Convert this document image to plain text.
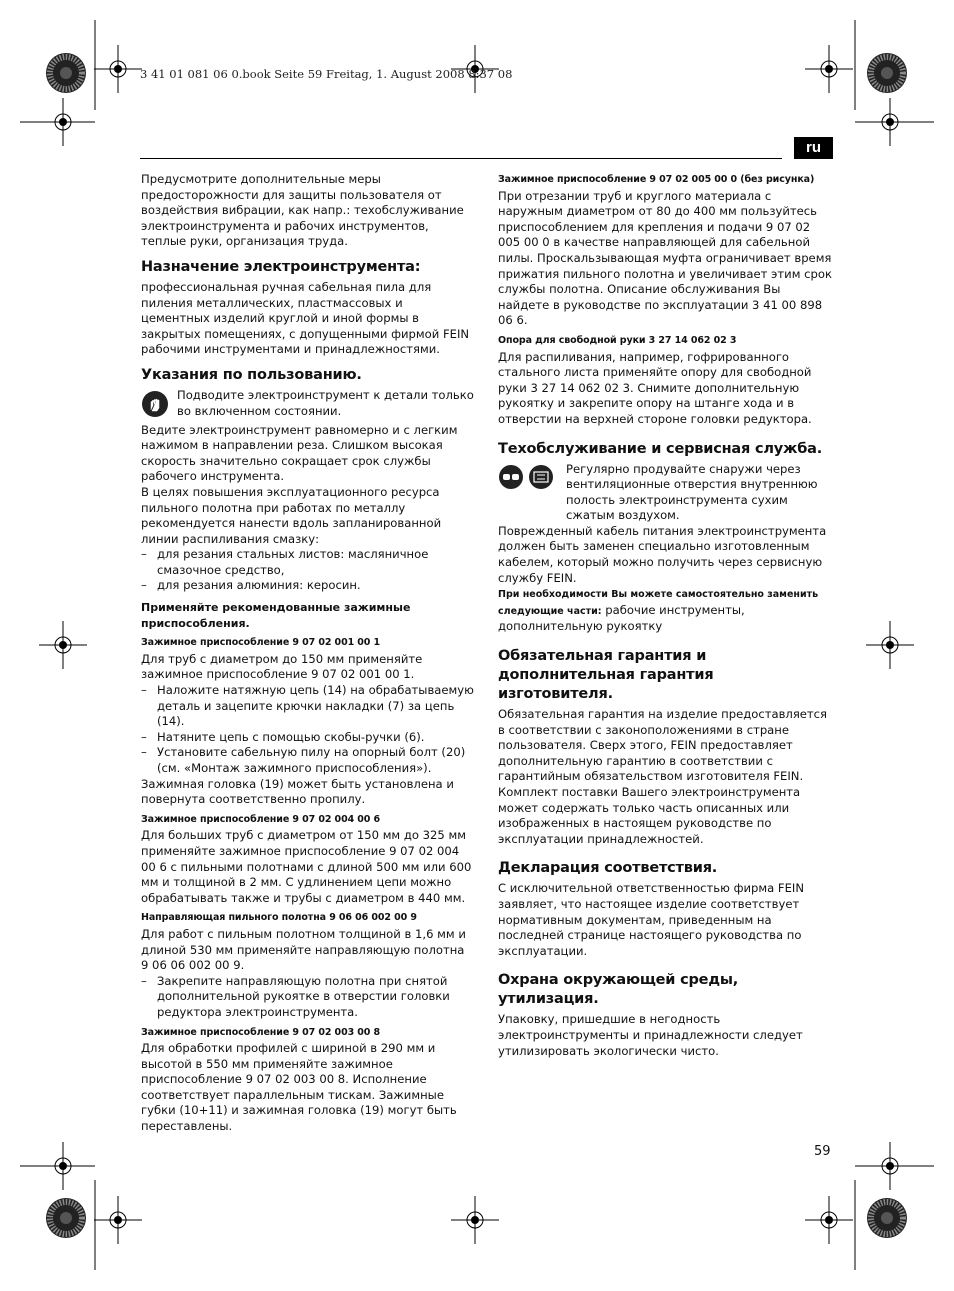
3 41 01 081 06 0.book Seite 59 Freitag, 1. August 2008 8:37 08
ru

Предусмотрите дополнительные меры предосторожности для защиты пользователя от воздействия вибрации, как напр.: техобслуживание электроинструмента и рабочих инструментов, теплые руки, организация труда.

Назначение электроинструмента:

профессиональная ручная сабельная пила для пиления металлических, пластмассовых и цементных изделий круглой и иной формы в закрытых помещениях, с допущенными фирмой FEIN рабочими инструментами и принадлежностями.

Указания по пользованию.

Подводите электроинструмент к детали только во включенном состоянии.

Ведите электроинструмент равномерно и с легким нажимом в направлении реза. Слишком высокая скорость значительно сокращает срок службы рабочего инструмента.

В целях повышения эксплуатационного ресурса пильного полотна при работах по металлу рекомендуется нанести вдоль запланированной линии распиливания смазку:

– для резания стальных листов: масляничное смазочное средство,
– для резания алюминия: керосин.
Применяйте рекомендованные зажимные приспособления.
Зажимное приспособление 9 07 02 001 00 1

Для труб с диаметром до 150 мм применяйте зажимное приспособление 9 07 02 001 00 1.

– Наложите натяжную цепь (14) на обрабатываемую деталь и зацепите крючки накладки (7) за цепь (14).
– Натяните цепь с помощью скобы-ручки (6).
– Установите сабельную пилу на опорный болт (20) (см. «Монтаж зажимного приспособления»).

Зажимная головка (19) может быть установлена и повернута соответственно пропилу.

Зажимное приспособление 9 07 02 004 00 6

Для больших труб с диаметром от 150 мм до 325 мм применяйте зажимное приспособление 9 07 02 004 00 6 с пильными полотнами с длиной 500 мм или 600 мм и толщиной в 2 мм. С удлинением цепи можно обрабатывать также и трубы с диаметром в 440 мм.

Направляющая пильного полотна 9 06 06 002 00 9

Для работ с пильным полотном толщиной в 1,6 мм и длиной 530 мм применяйте направляющую полотна 9 06 06 002 00 9.

– Закрепите направляющую полотна при снятой дополнительной рукоятке в отверстии головки редуктора электроинструмента.
Зажимное приспособление 9 07 02 003 00 8

Для обработки профилей с шириной в 290 мм и высотой в 550 мм применяйте зажимное приспособление 9 07 02 003 00 8. Исполнение соответствует параллельным тискам. Зажимные губки (10+11) и зажимная головка (19) могут быть переставлены.

Зажимное приспособление 9 07 02 005 00 0 (без рисунка)

При отрезании труб и круглого материала с наружным диаметром от 80 до 400 мм пользуйтесь приспособлением для крепления и подачи 9 07 02 005 00 0 в качестве направляющей для сабельной пилы. Проскальзывающая муфта ограничивает время прижатия пильного полотна и увеличивает этим срок службы полотна. Описание обслуживания Вы найдете в руководстве по эксплуатации 3 41 00 898 06 6.

Опора для свободной руки 3 27 14 062 02 3

Для распиливания, например, гофрированного стального листа применяйте опору для свободной руки 3 27 14 062 02 3. Снимите дополнительную рукоятку и закрепите опору на штанге хода и в отверстии на верхней стороне головки редуктора.

Техобслуживание и сервисная служба.

Регулярно продувайте снаружи через вентиляционные отверстия внутреннюю полость электроинструмента сухим сжатым воздухом.

Поврежденный кабель питания электроинструмента должен быть заменен специально изготовленным кабелем, который можно получить через сервисную службу FEIN.

При необходимости Вы можете самостоятельно заменить следующие части: рабочие инструменты, дополнительную рукоятку

Обязательная гарантия и дополнительная гарантия изготовителя.

Обязательная гарантия на изделие предоставляется в соответствии с законоположениями в стране пользователя. Сверх этого, FEIN предоставляет дополнительную гарантию в соответствии с гарантийным обязательством изготовителя FEIN.

Комплект поставки Вашего электроинструмента может содержать только часть описанных или изображенных в настоящем руководстве по эксплуатации принадлежностей.

Декларация соответствия.

С исключительной ответственностью фирма FEIN заявляет, что настоящее изделие соответствует нормативным документам, приведенным на последней странице настоящего руководства по эксплуатации.

Охрана окружающей среды, утилизация.

Упаковку, пришедшие в негодность электроинструменты и принадлежности следует утилизировать экологически чисто.

59
